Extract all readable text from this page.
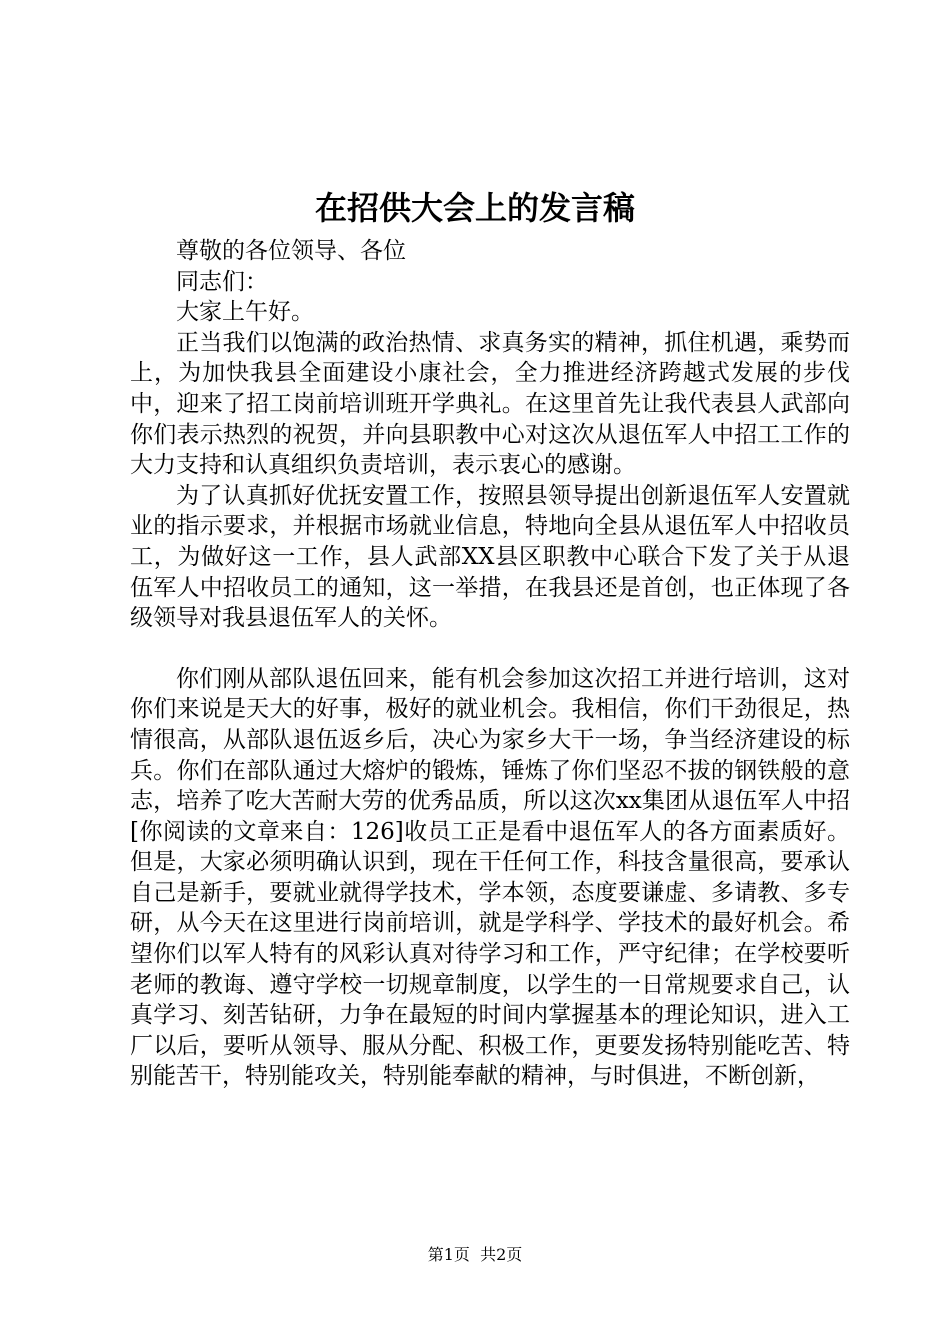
在招供大会上的发言稿

尊敬的各位领导、各位

同志们：

大家上午好。

正当我们以饱满的政治热情、求真务实的精神，抓住机遇，乘势而上，为加快我县全面建设小康社会，全力推进经济跨越式发展的步伐中，迎来了招工岗前培训班开学典礼。在这里首先让我代表县人武部向你们表示热烈的祝贺，并向县职教中心对这次从退伍军人中招工工作的大力支持和认真组织负责培训，表示衷心的感谢。

为了认真抓好优抚安置工作，按照县领导提出创新退伍军人安置就业的指示要求，并根据市场就业信息，特地向全县从退伍军人中招收员工，为做好这一工作，县人武部XX县区职教中心联合下发了关于从退伍军人中招收员工的通知，这一举措，在我县还是首创，也正体现了各级领导对我县退伍军人的关怀。

你们刚从部队退伍回来，能有机会参加这次招工并进行培训，这对你们来说是天大的好事，极好的就业机会。我相信，你们干劲很足，热情很高，从部队退伍返乡后，决心为家乡大干一场，争当经济建设的标兵。你们在部队通过大熔炉的锻炼，锤炼了你们坚忍不拔的钢铁般的意志，培养了吃大苦耐大劳的优秀品质，所以这次xx集团从退伍军人中招[你阅读的文章来自：126]收员工正是看中退伍军人的各方面素质好。但是，大家必须明确认识到，现在干任何工作，科技含量很高，要承认自己是新手，要就业就得学技术，学本领，态度要谦虚、多请教、多专研，从今天在这里进行岗前培训，就是学科学、学技术的最好机会。希望你们以军人特有的风彩认真对待学习和工作，严守纪律；在学校要听老师的教诲、遵守学校一切规章制度，以学生的一日常规要求自己，认真学习、刻苦钻研，力争在最短的时间内掌握基本的理论知识，进入工厂以后，要听从领导、服从分配、积极工作，更要发扬特别能吃苦、特别能苦干，特别能攻关，特别能奉献的精神，与时俱进，不断创新，

第1页  共2页
